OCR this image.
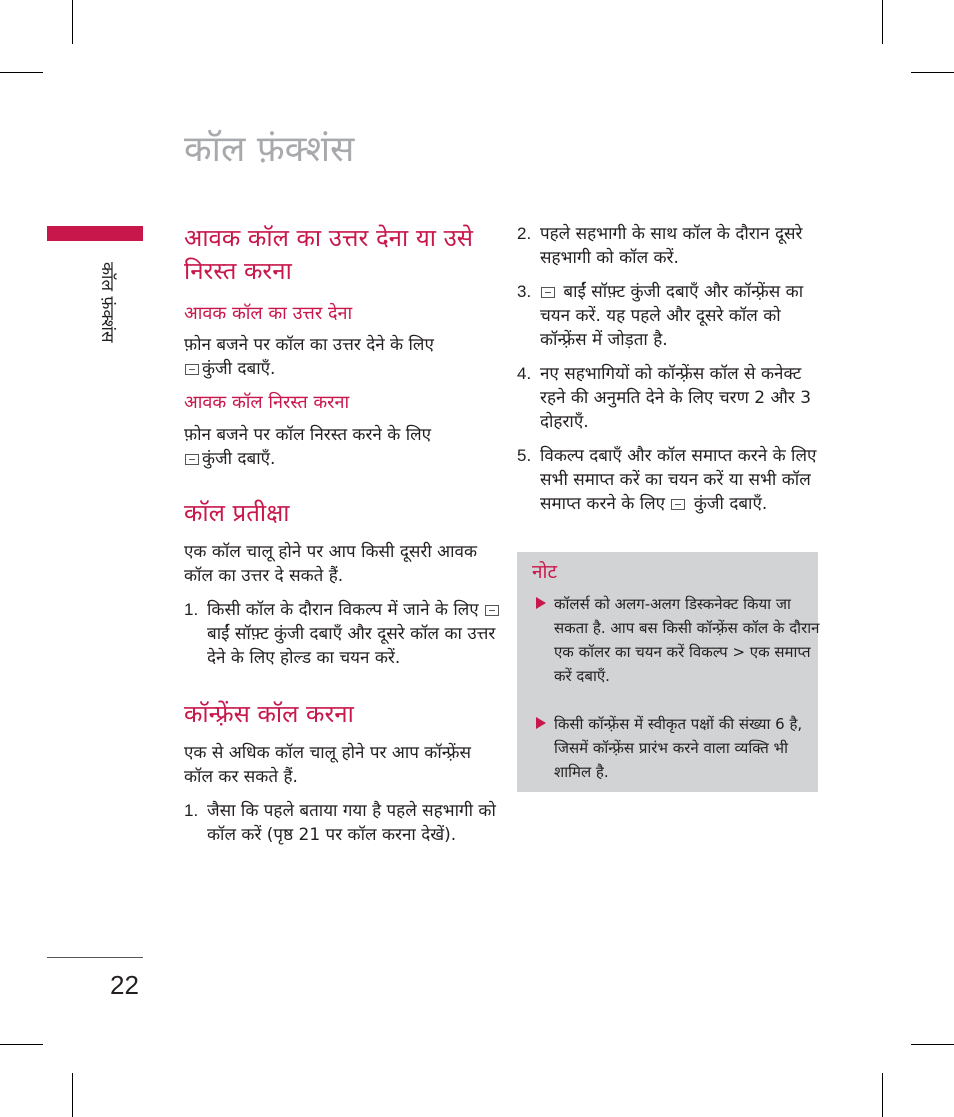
कॉल फ़ंक्शंस
कॉल फ़ंक्शंस
22
आवक कॉल का उत्तर देना या उसे निरस्त करना
आवक कॉल का उत्तर देना

फ़ोन बजने पर कॉल का उत्तर देने के लिए
कुंजी दबाएँ.

आवक कॉल निरस्त करना

फ़ोन बजने पर कॉल निरस्त करने के लिए
कुंजी दबाएँ.

कॉल प्रतीक्षा

एक कॉल चालू होने पर आप किसी दूसरी आवक कॉल का उत्तर दे सकते हैं.

1. किसी कॉल के दौरान विकल्प में जाने के लिए  बाईं सॉफ़्ट कुंजी दबाएँ और दूसरे कॉल का उत्तर देने के लिए होल्ड का चयन करें.
कॉन्फ़्रेंस कॉल करना

एक से अधिक कॉल चालू होने पर आप कॉन्फ़्रेंस कॉल कर सकते हैं.

1. जैसा कि पहले बताया गया है पहले सहभागी को कॉल करें (पृष्ठ 21 पर कॉल करना देखें).
2. पहले सहभागी के साथ कॉल के दौरान दूसरे सहभागी को कॉल करें.
3. बाईं सॉफ़्ट कुंजी दबाएँ और कॉन्फ़्रेंस का चयन करें. यह पहले और दूसरे कॉल को कॉन्फ़्रेंस में जोड़ता है.
4. नए सहभागियों को कॉन्फ़्रेंस कॉल से कनेक्ट रहने की अनुमति देने के लिए चरण 2 और 3 दोहराएँ.
5. विकल्प दबाएँ और कॉल समाप्त करने के लिए सभी समाप्त करें का चयन करें या सभी कॉल समाप्त करने के लिए कुंजी दबाएँ.
नोट
कॉलर्स को अलग-अलग डिस्कनेक्ट किया जा सकता है. आप बस किसी कॉन्फ़्रेंस कॉल के दौरान एक कॉलर का चयन करें विकल्प > एक समाप्त करें दबाएँ.
किसी कॉन्फ़्रेंस में स्वीकृत पक्षों की संख्या 6 है, जिसमें कॉन्फ़्रेंस प्रारंभ करने वाला व्यक्ति भी शामिल है.
